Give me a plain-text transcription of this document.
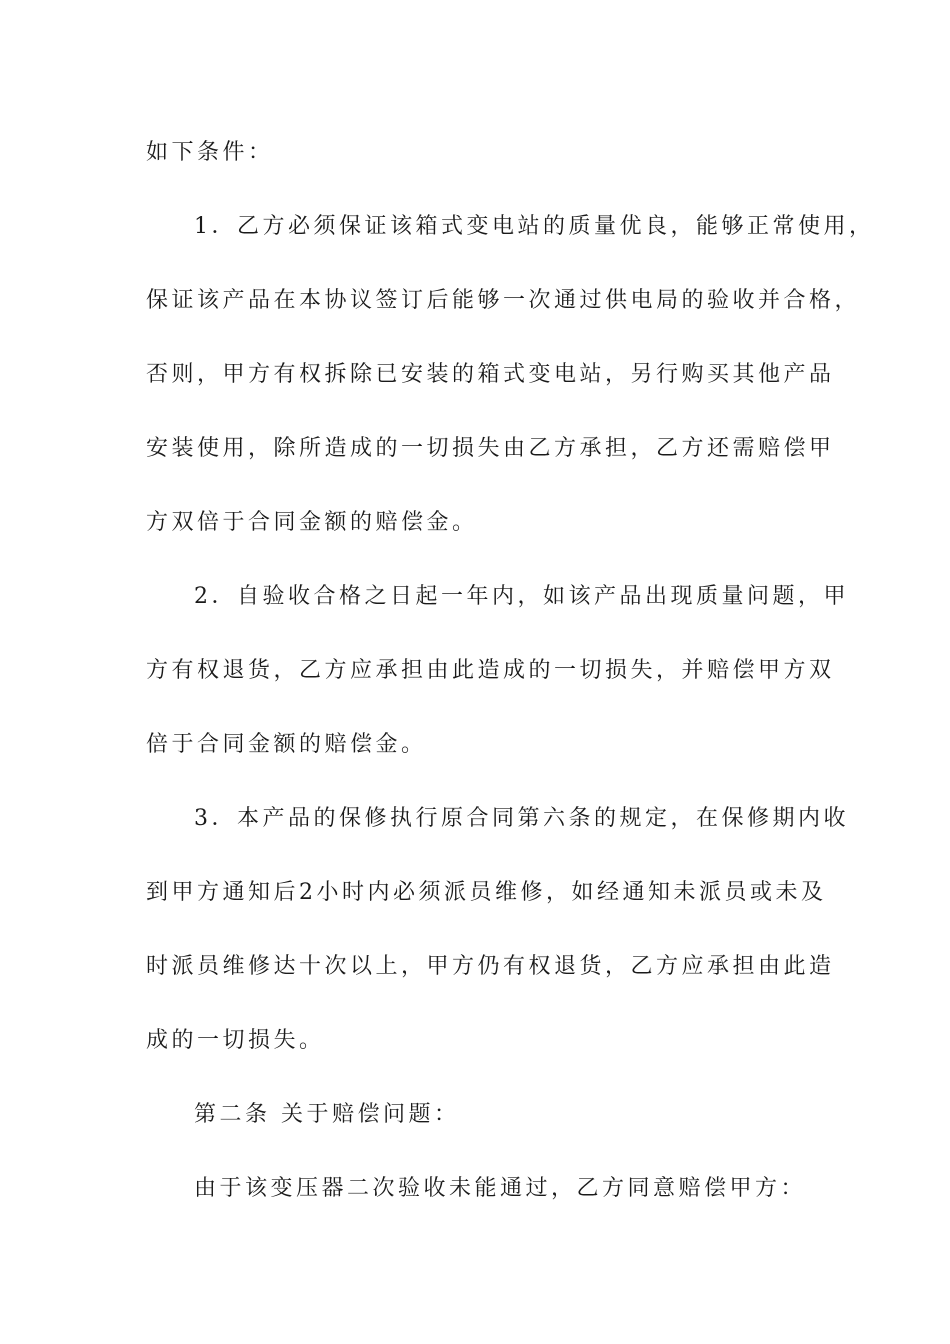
如下条件：
1．乙方必须保证该箱式变电站的质量优良，能够正常使用，
保证该产品在本协议签订后能够一次通过供电局的验收并合格，
否则，甲方有权拆除已安装的箱式变电站，另行购买其他产品
安装使用，除所造成的一切损失由乙方承担，乙方还需赔偿甲
方双倍于合同金额的赔偿金。
2．自验收合格之日起一年内，如该产品出现质量问题，甲
方有权退货，乙方应承担由此造成的一切损失，并赔偿甲方双
倍于合同金额的赔偿金。
3．本产品的保修执行原合同第六条的规定，在保修期内收
到甲方通知后2小时内必须派员维修，如经通知未派员或未及
时派员维修达十次以上，甲方仍有权退货，乙方应承担由此造
成的一切损失。
第二条 关于赔偿问题：
由于该变压器二次验收未能通过，乙方同意赔偿甲方：
